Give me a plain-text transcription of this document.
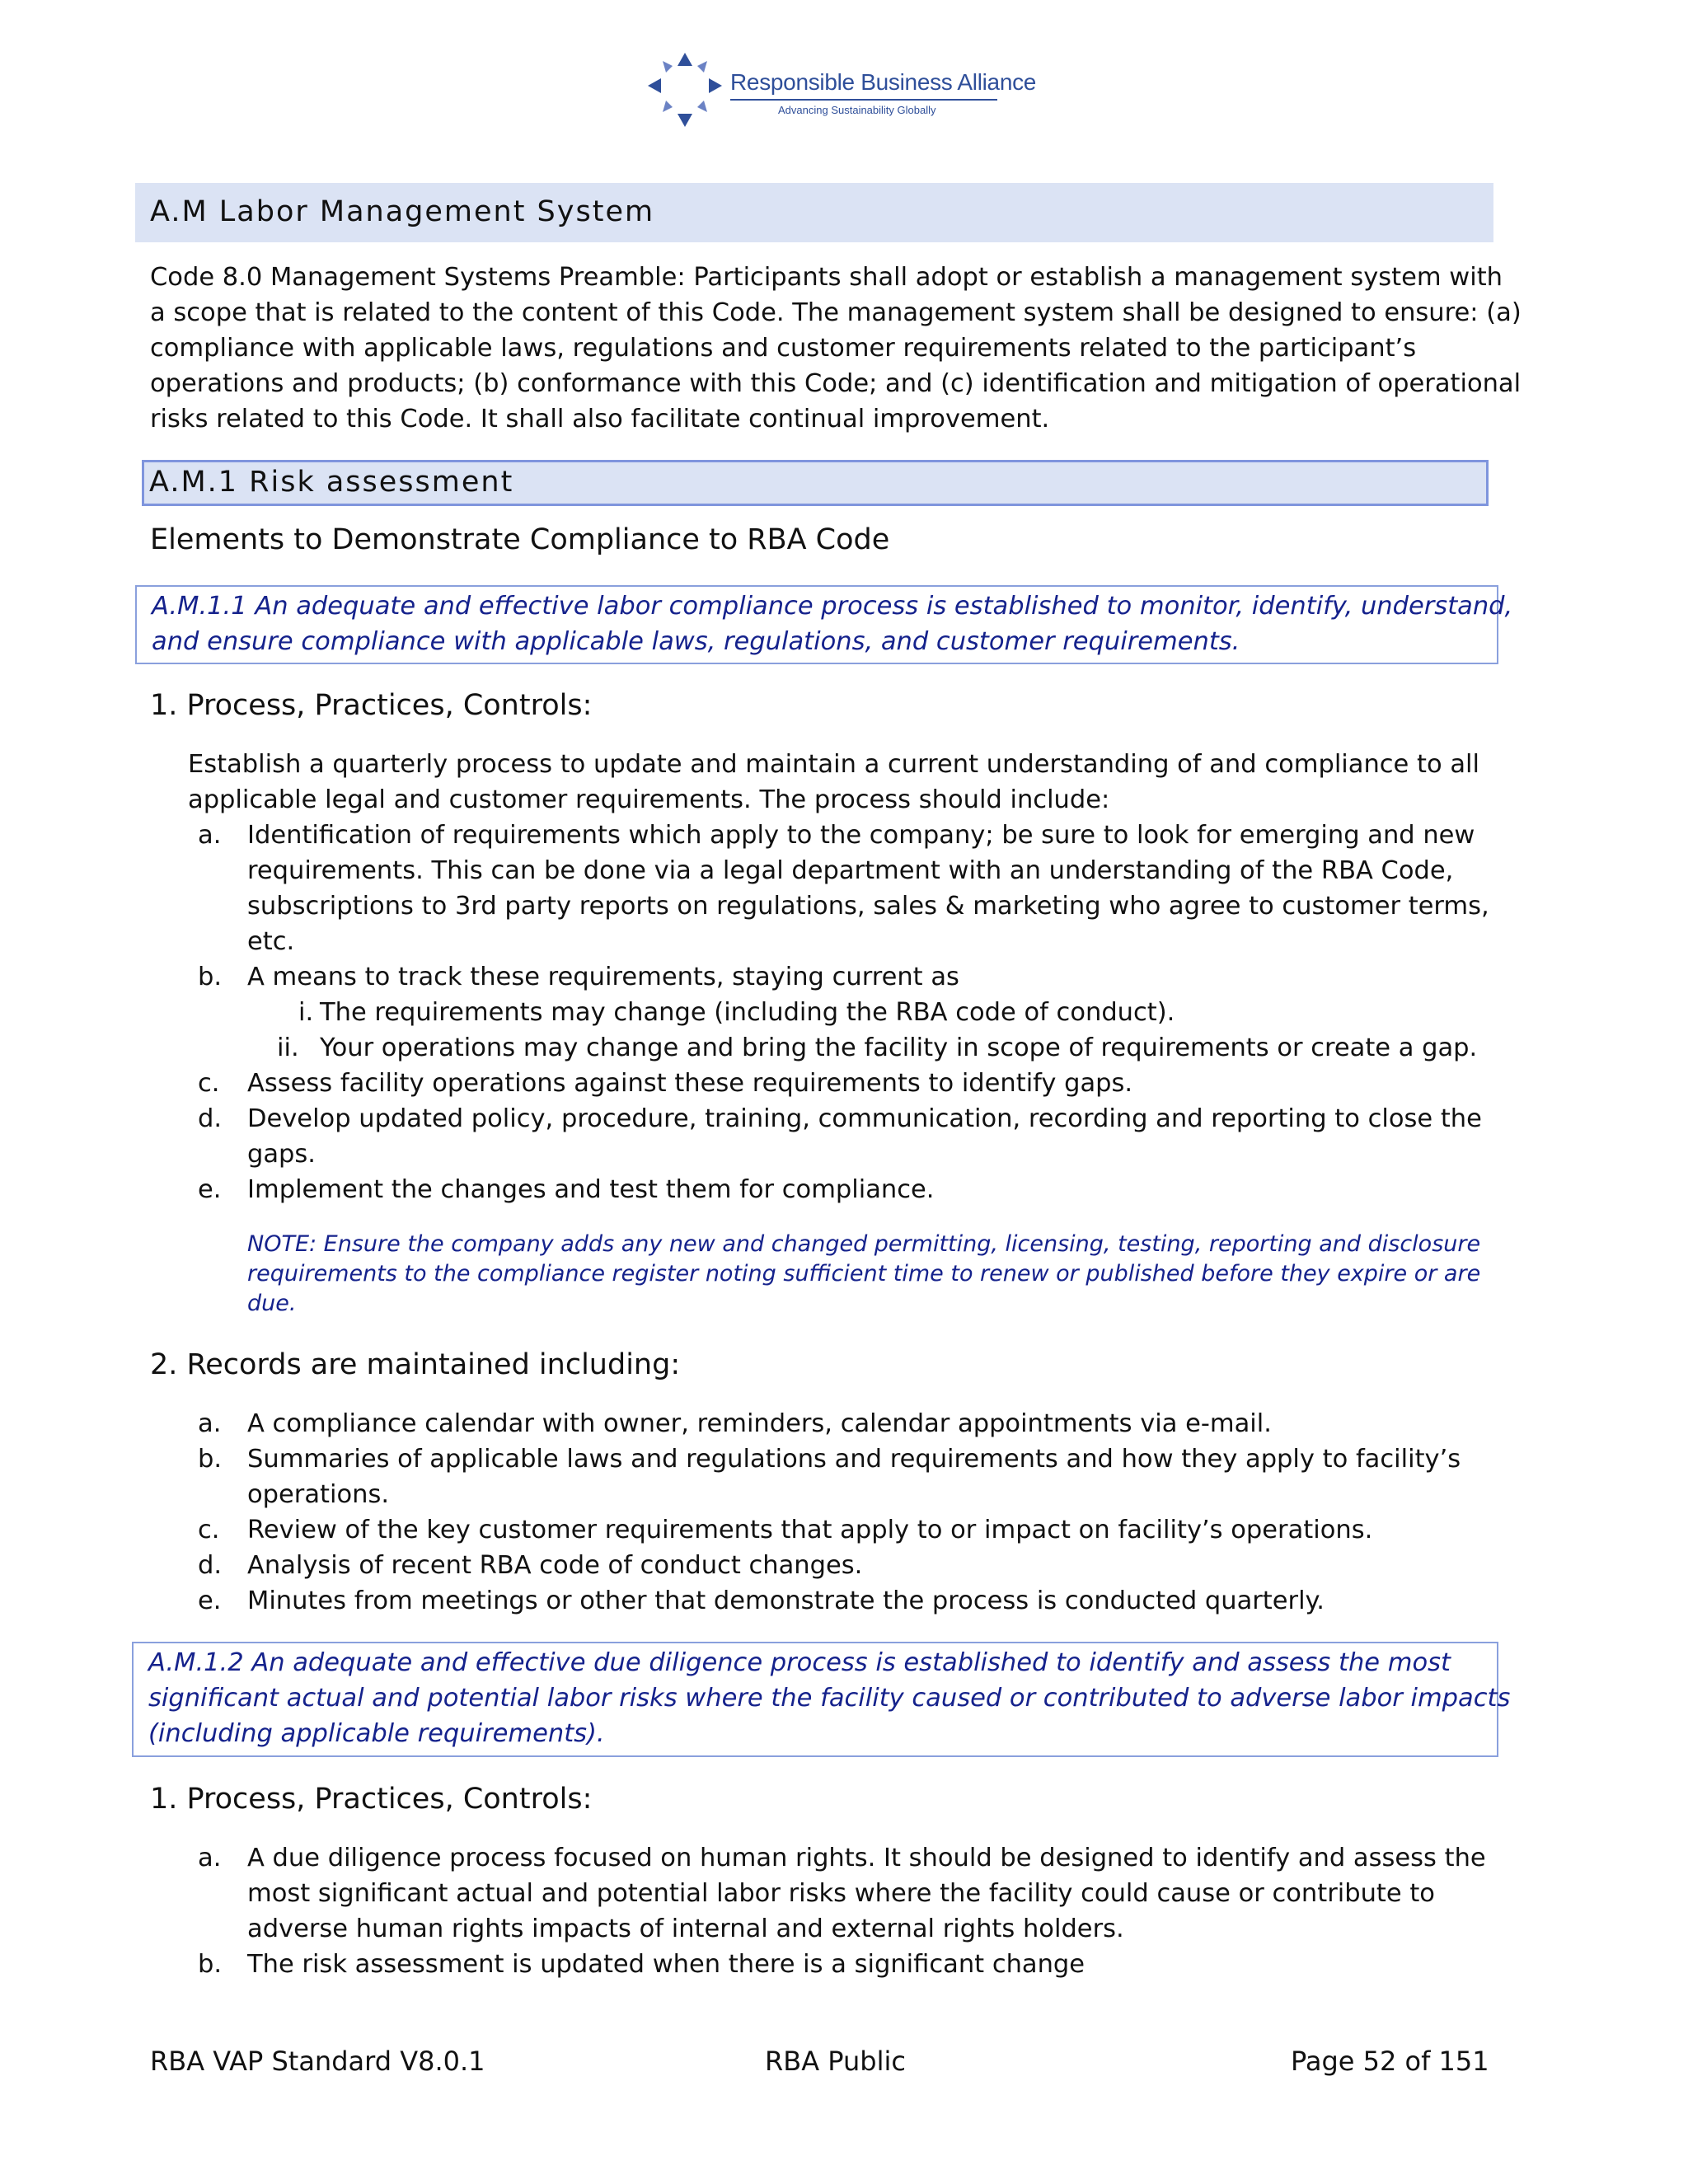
Responsible Business Alliance
Advancing Sustainability Globally
A.M Labor Management System
Code 8.0 Management Systems Preamble: Participants shall adopt or establish a management system with
a scope that is related to the content of this Code. The management system shall be designed to ensure: (a)
compliance with applicable laws, regulations and customer requirements related to the participant’s
operations and products; (b) conformance with this Code; and (c) identification and mitigation of operational
risks related to this Code. It shall also facilitate continual improvement.
A.M.1 Risk assessment
Elements to Demonstrate Compliance to RBA Code
A.M.1.1 An adequate and effective labor compliance process is established to monitor, identify, understand,
and ensure compliance with applicable laws, regulations, and customer requirements.
1. Process, Practices, Controls:
Establish a quarterly process to update and maintain a current understanding of and compliance to all
applicable legal and customer requirements. The process should include:
a. Identification of requirements which apply to the company; be sure to look for emerging and new
requirements. This can be done via a legal department with an understanding of the RBA Code,
subscriptions to 3rd party reports on regulations, sales & marketing who agree to customer terms,
etc.
b. A means to track these requirements, staying current as
i. The requirements may change (including the RBA code of conduct).
ii. Your operations may change and bring the facility in scope of requirements or create a gap.
c. Assess facility operations against these requirements to identify gaps.
d. Develop updated policy, procedure, training, communication, recording and reporting to close the
gaps.
e. Implement the changes and test them for compliance.
NOTE: Ensure the company adds any new and changed permitting, licensing, testing, reporting and disclosure
requirements to the compliance register noting sufficient time to renew or published before they expire or are
due.
2. Records are maintained including:
a. A compliance calendar with owner, reminders, calendar appointments via e-mail.
b. Summaries of applicable laws and regulations and requirements and how they apply to facility’s
operations.
c. Review of the key customer requirements that apply to or impact on facility’s operations.
d. Analysis of recent RBA code of conduct changes.
e. Minutes from meetings or other that demonstrate the process is conducted quarterly.
A.M.1.2 An adequate and effective due diligence process is established to identify and assess the most
significant actual and potential labor risks where the facility caused or contributed to adverse labor impacts
(including applicable requirements).
1. Process, Practices, Controls:
a. A due diligence process focused on human rights. It should be designed to identify and assess the
most significant actual and potential labor risks where the facility could cause or contribute to
adverse human rights impacts of internal and external rights holders.
b. The risk assessment is updated when there is a significant change
RBA VAP Standard V8.0.1	RBA Public	Page 52 of 151
